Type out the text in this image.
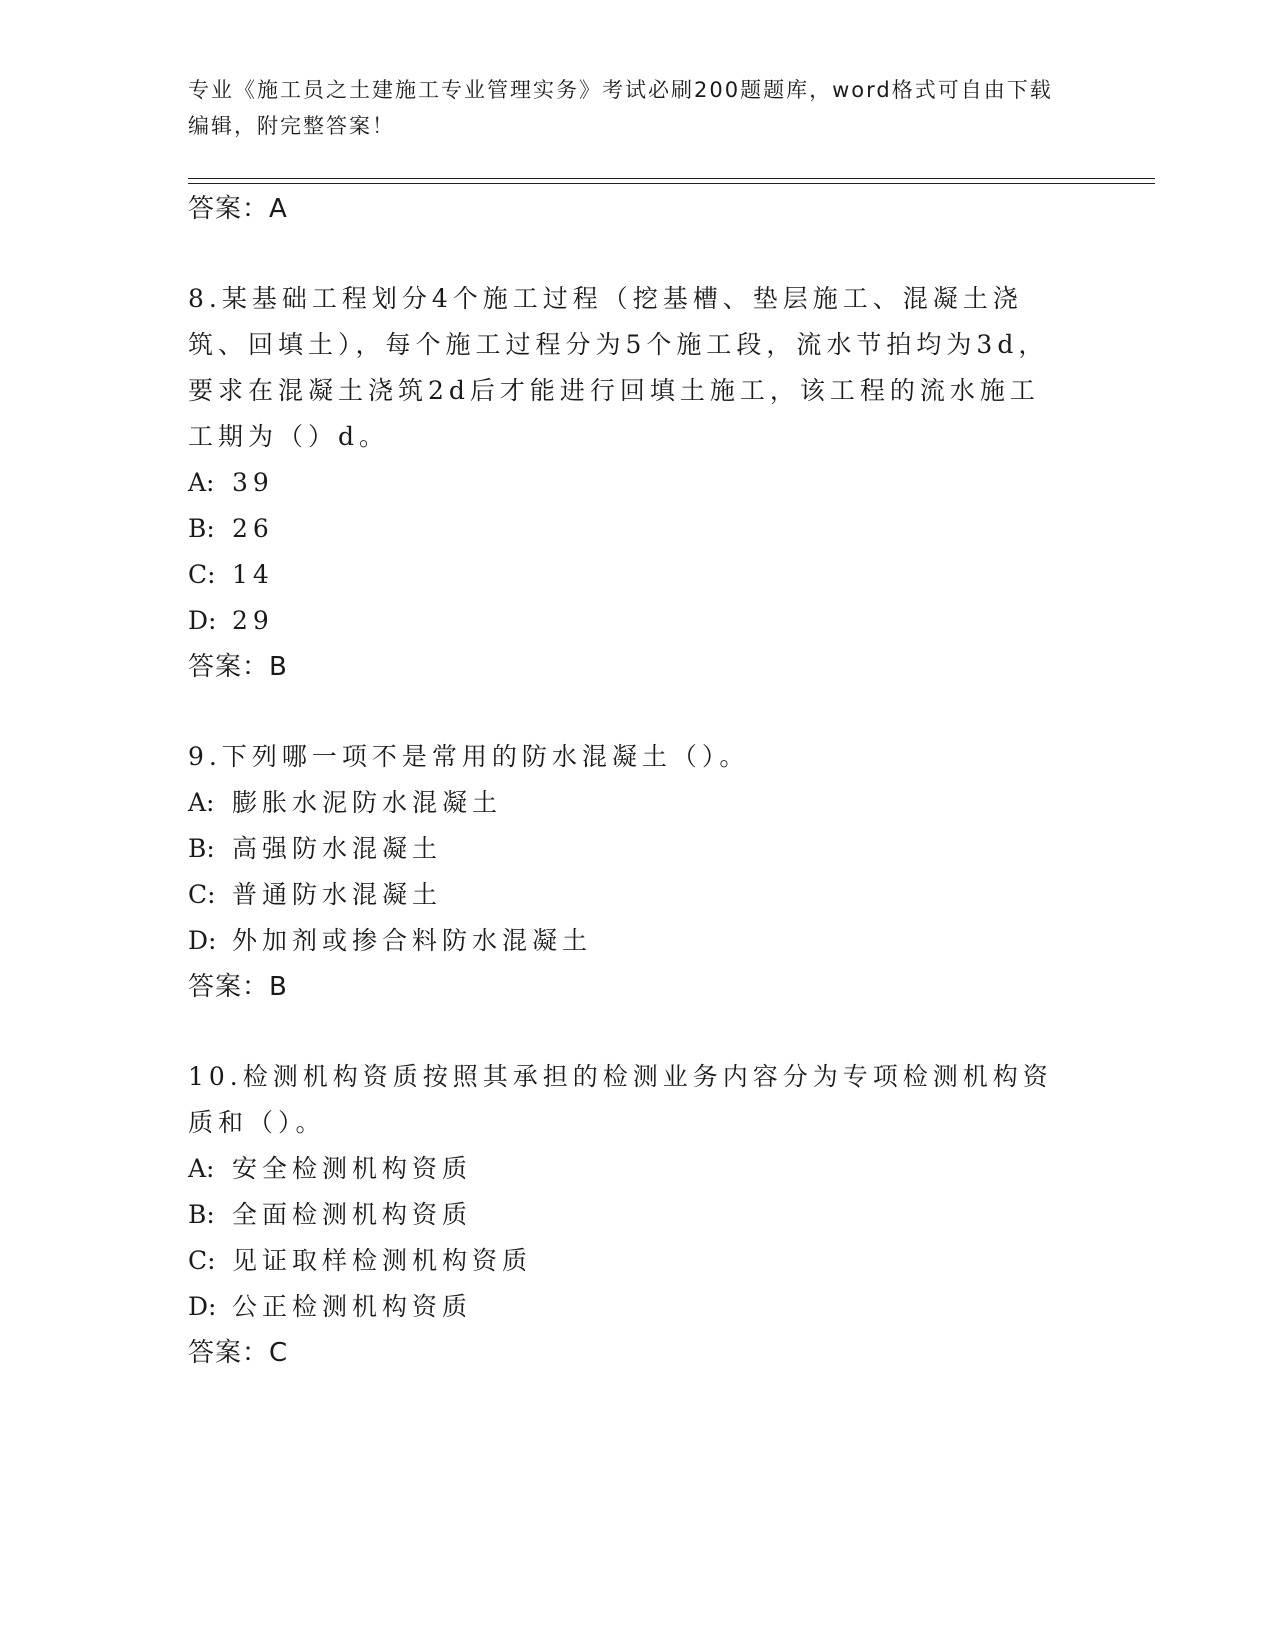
专业《施工员之土建施工专业管理实务》考试必刷200题题库，word格式可自由下载编辑，附完整答案！
答案：A
8.某基础工程划分4个施工过程（挖基槽、垫层施工、混凝土浇筑、回填土），每个施工过程分为5个施工段，流水节拍均为3d，要求在混凝土浇筑2d后才能进行回填土施工，该工程的流水施工工期为（）d。
A: 39
B: 26
C: 14
D: 29
答案：B
9.下列哪一项不是常用的防水混凝土（）。
A: 膨胀水泥防水混凝土
B: 高强防水混凝土
C: 普通防水混凝土
D: 外加剂或掺合料防水混凝土
答案：B
10.检测机构资质按照其承担的检测业务内容分为专项检测机构资质和（）。
A: 安全检测机构资质
B: 全面检测机构资质
C: 见证取样检测机构资质
D: 公正检测机构资质
答案：C
